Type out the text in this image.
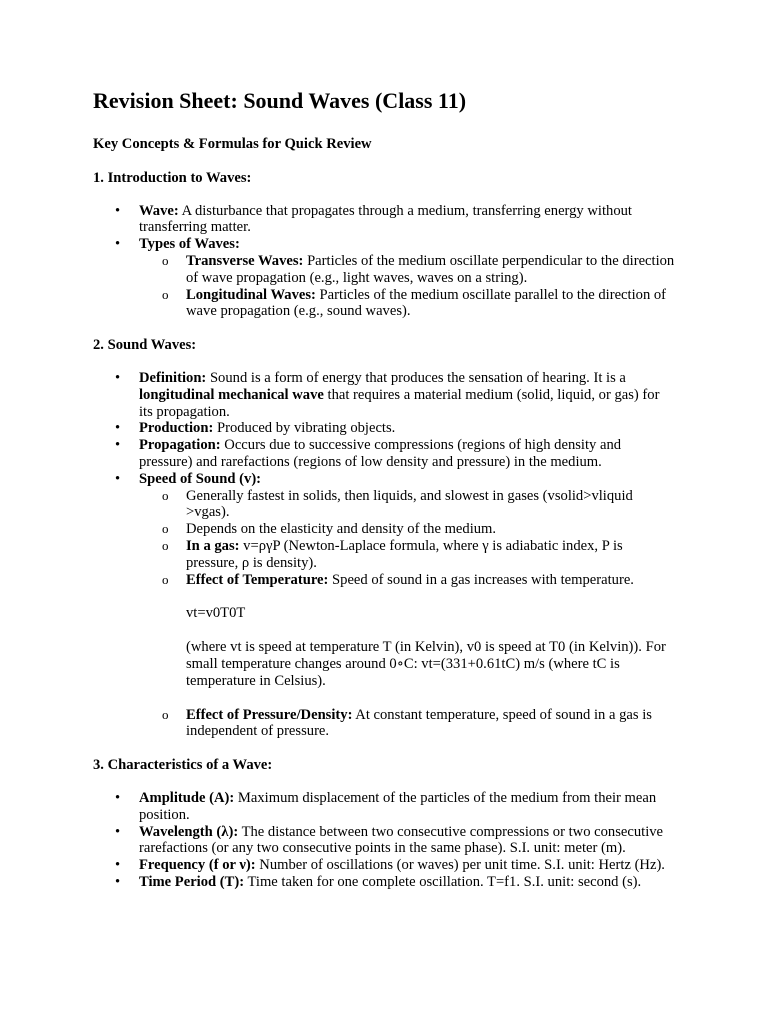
Revision Sheet: Sound Waves (Class 11)

Key Concepts & Formulas for Quick Review

1. Introduction to Waves:

• Wave: A disturbance that propagates through a medium, transferring energy without transferring matter.
• Types of Waves:
o Transverse Waves: Particles of the medium oscillate perpendicular to the direction of wave propagation (e.g., light waves, waves on a string).
o Longitudinal Waves: Particles of the medium oscillate parallel to the direction of wave propagation (e.g., sound waves).

2. Sound Waves:

• Definition: Sound is a form of energy that produces the sensation of hearing. It is a longitudinal mechanical wave that requires a material medium (solid, liquid, or gas) for its propagation.
• Production: Produced by vibrating objects.
• Propagation: Occurs due to successive compressions (regions of high density and pressure) and rarefactions (regions of low density and pressure) in the medium.
• Speed of Sound (v):
o Generally fastest in solids, then liquids, and slowest in gases (vsolid>vliquid >vgas).
o Depends on the elasticity and density of the medium.
o In a gas: v=ργP (Newton-Laplace formula, where γ is adiabatic index, P is pressure, ρ is density).
o Effect of Temperature: Speed of sound in a gas increases with temperature.
vt=v0T0T
(where vt is speed at temperature T (in Kelvin), v0 is speed at T0 (in Kelvin)). For small temperature changes around 0∘C: vt=(331+0.61tC) m/s (where tC is temperature in Celsius).
o Effect of Pressure/Density: At constant temperature, speed of sound in a gas is independent of pressure.

3. Characteristics of a Wave:

• Amplitude (A): Maximum displacement of the particles of the medium from their mean position.
• Wavelength (λ): The distance between two consecutive compressions or two consecutive rarefactions (or any two consecutive points in the same phase). S.I. unit: meter (m).
• Frequency (f or ν): Number of oscillations (or waves) per unit time. S.I. unit: Hertz (Hz).
• Time Period (T): Time taken for one complete oscillation. T=f1. S.I. unit: second (s).
